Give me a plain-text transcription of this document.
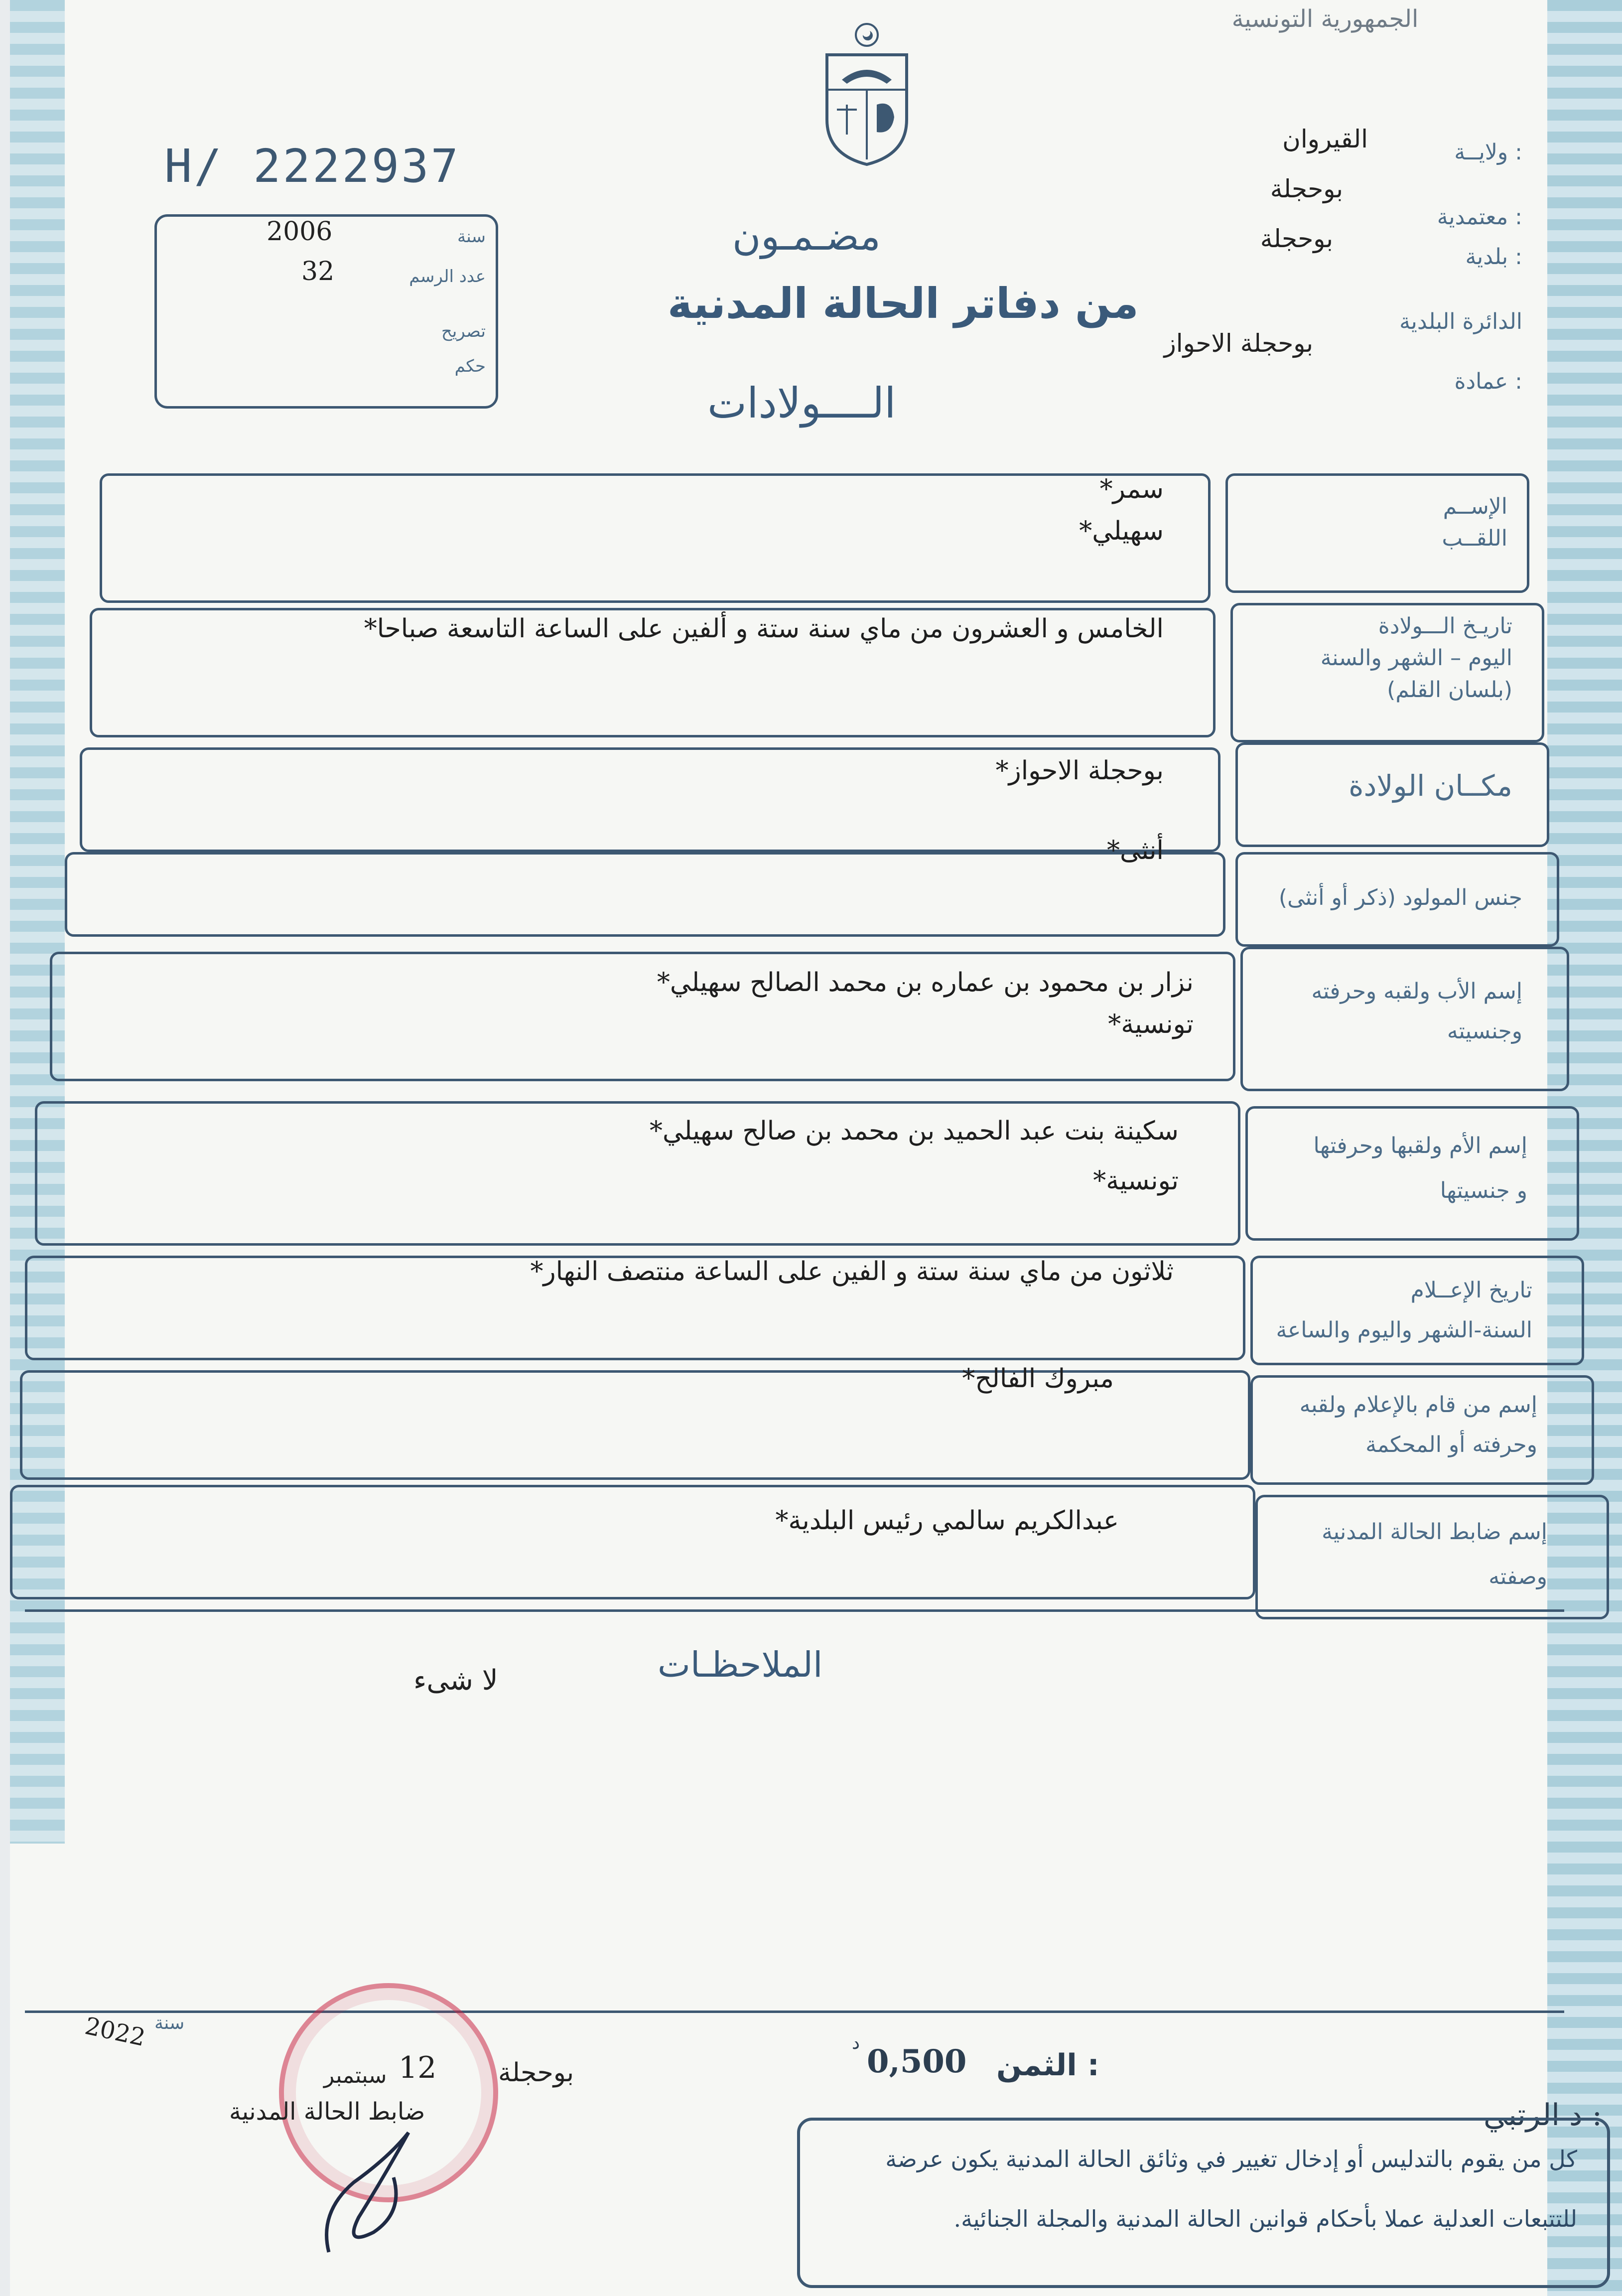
الجمهورية التونسية
H/ 2222937
سنة
2006
عدد الرسم
32
تصريح
حكم
ولايــة :
القيروان
معتمدية :
بوحجلة
بلدية :
بوحجلة
الدائرة البلدية
عمادة :
بوحجلة الاحواز
مضـمـون
من دفاتر الحالة المدنية
الــــولادات
الإســم
اللقــب
سمر*
سهيلي*
تاريـخ الـــولادة
اليوم – الشهر والسنة
(بلسان القلم)
الخامس و العشرون من ماي سنة ستة و ألفين على الساعة التاسعة صباحا*
مكــان الولادة
بوحجلة الاحواز*
جنس المولود (ذكر أو أنثى)
أنثى*
إسم الأب ولقبه وحرفته
وجنسيته
نزار بن محمود بن عماره بن محمد الصالح سهيلي*
تونسية*
إسم الأم ولقبها وحرفتها
و جنسيتها
سكينة بنت عبد الحميد بن محمد بن صالح سهيلي*
تونسية*
تاريخ الإعــلام
السنة-الشهر واليوم والساعة
ثلاثون من ماي سنة ستة و الفين على الساعة منتصف النهار*
إسم من قام بالإعلام ولقبه
وحرفته أو المحكمة
مبروك الفالح*
إسم ضابط الحالة المدنية
وصفته
عبدالكريم سالمي رئيس البلدية*
الملاحظـات
لا شىء
سنة
2022
بوحجلة
12
سبتمبر
ضابط الحالة المدنية
الثمن :
0,500
د
د الرتبي :
كل من يقوم بالتدليس أو إدخال تغيير في وثائق الحالة المدنية يكون عرضة
للتتبعات العدلية عملا بأحكام قوانين الحالة المدنية والمجلة الجنائية.
